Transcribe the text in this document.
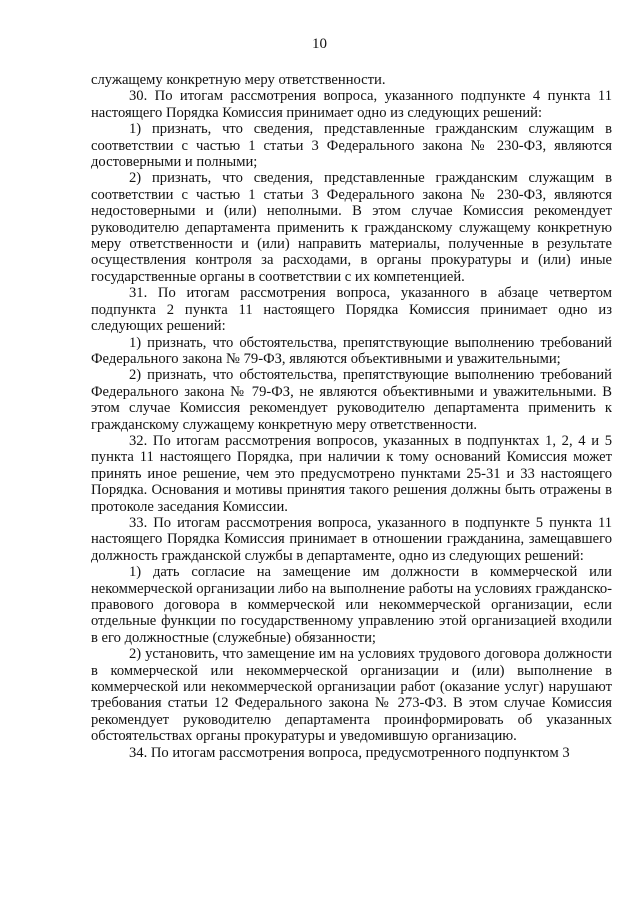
10

служащему конкретную меру ответственности.

30. По итогам рассмотрения вопроса, указанного подпункте 4 пункта 11 настоящего Порядка Комиссия принимает одно из следующих решений:

1) признать, что сведения, представленные гражданским служащим в соответствии с частью 1 статьи 3 Федерального закона № 230-ФЗ, являются достоверными и полными;

2) признать, что сведения, представленные гражданским служащим в соответствии с частью 1 статьи 3 Федерального закона № 230-ФЗ, являются недостоверными и (или) неполными. В этом случае Комиссия рекомендует руководителю департамента применить к гражданскому служащему конкретную меру ответственности и (или) направить материалы, полученные в результате осуществления контроля за расходами, в органы прокуратуры и (или) иные государственные органы в соответствии с их компетенцией.

31. По итогам рассмотрения вопроса, указанного в абзаце четвертом подпункта 2 пункта 11 настоящего Порядка Комиссия принимает одно из следующих решений:

1) признать, что обстоятельства, препятствующие выполнению требований Федерального закона № 79-ФЗ, являются объективными и уважительными;

2) признать, что обстоятельства, препятствующие выполнению требований Федерального закона № 79-ФЗ, не являются объективными и уважительными. В этом случае Комиссия рекомендует руководителю департамента применить к гражданскому служащему конкретную меру ответственности.

32. По итогам рассмотрения вопросов, указанных в подпунктах 1, 2, 4 и 5 пункта 11 настоящего Порядка, при наличии к тому оснований Комиссия может принять иное решение, чем это предусмотрено пунктами 25-31 и 33 настоящего Порядка. Основания и мотивы принятия такого решения должны быть отражены в протоколе заседания Комиссии.

33. По итогам рассмотрения вопроса, указанного в подпункте 5 пункта 11 настоящего Порядка Комиссия принимает в отношении гражданина, замещавшего должность гражданской службы в департаменте, одно из следующих решений:

1) дать согласие на замещение им должности в коммерческой или некоммерческой организации либо на выполнение работы на условиях гражданско-правового договора в коммерческой или некоммерческой организации, если отдельные функции по государственному управлению этой организацией входили в его должностные (служебные) обязанности;

2) установить, что замещение им на условиях трудового договора должности в коммерческой или некоммерческой организации и (или) выполнение в коммерческой или некоммерческой организации работ (оказание услуг) нарушают требования статьи 12 Федерального закона № 273-ФЗ. В этом случае Комиссия рекомендует руководителю департамента проинформировать об указанных обстоятельствах органы прокуратуры и уведомившую организацию.

34. По итогам рассмотрения вопроса, предусмотренного подпунктом 3
